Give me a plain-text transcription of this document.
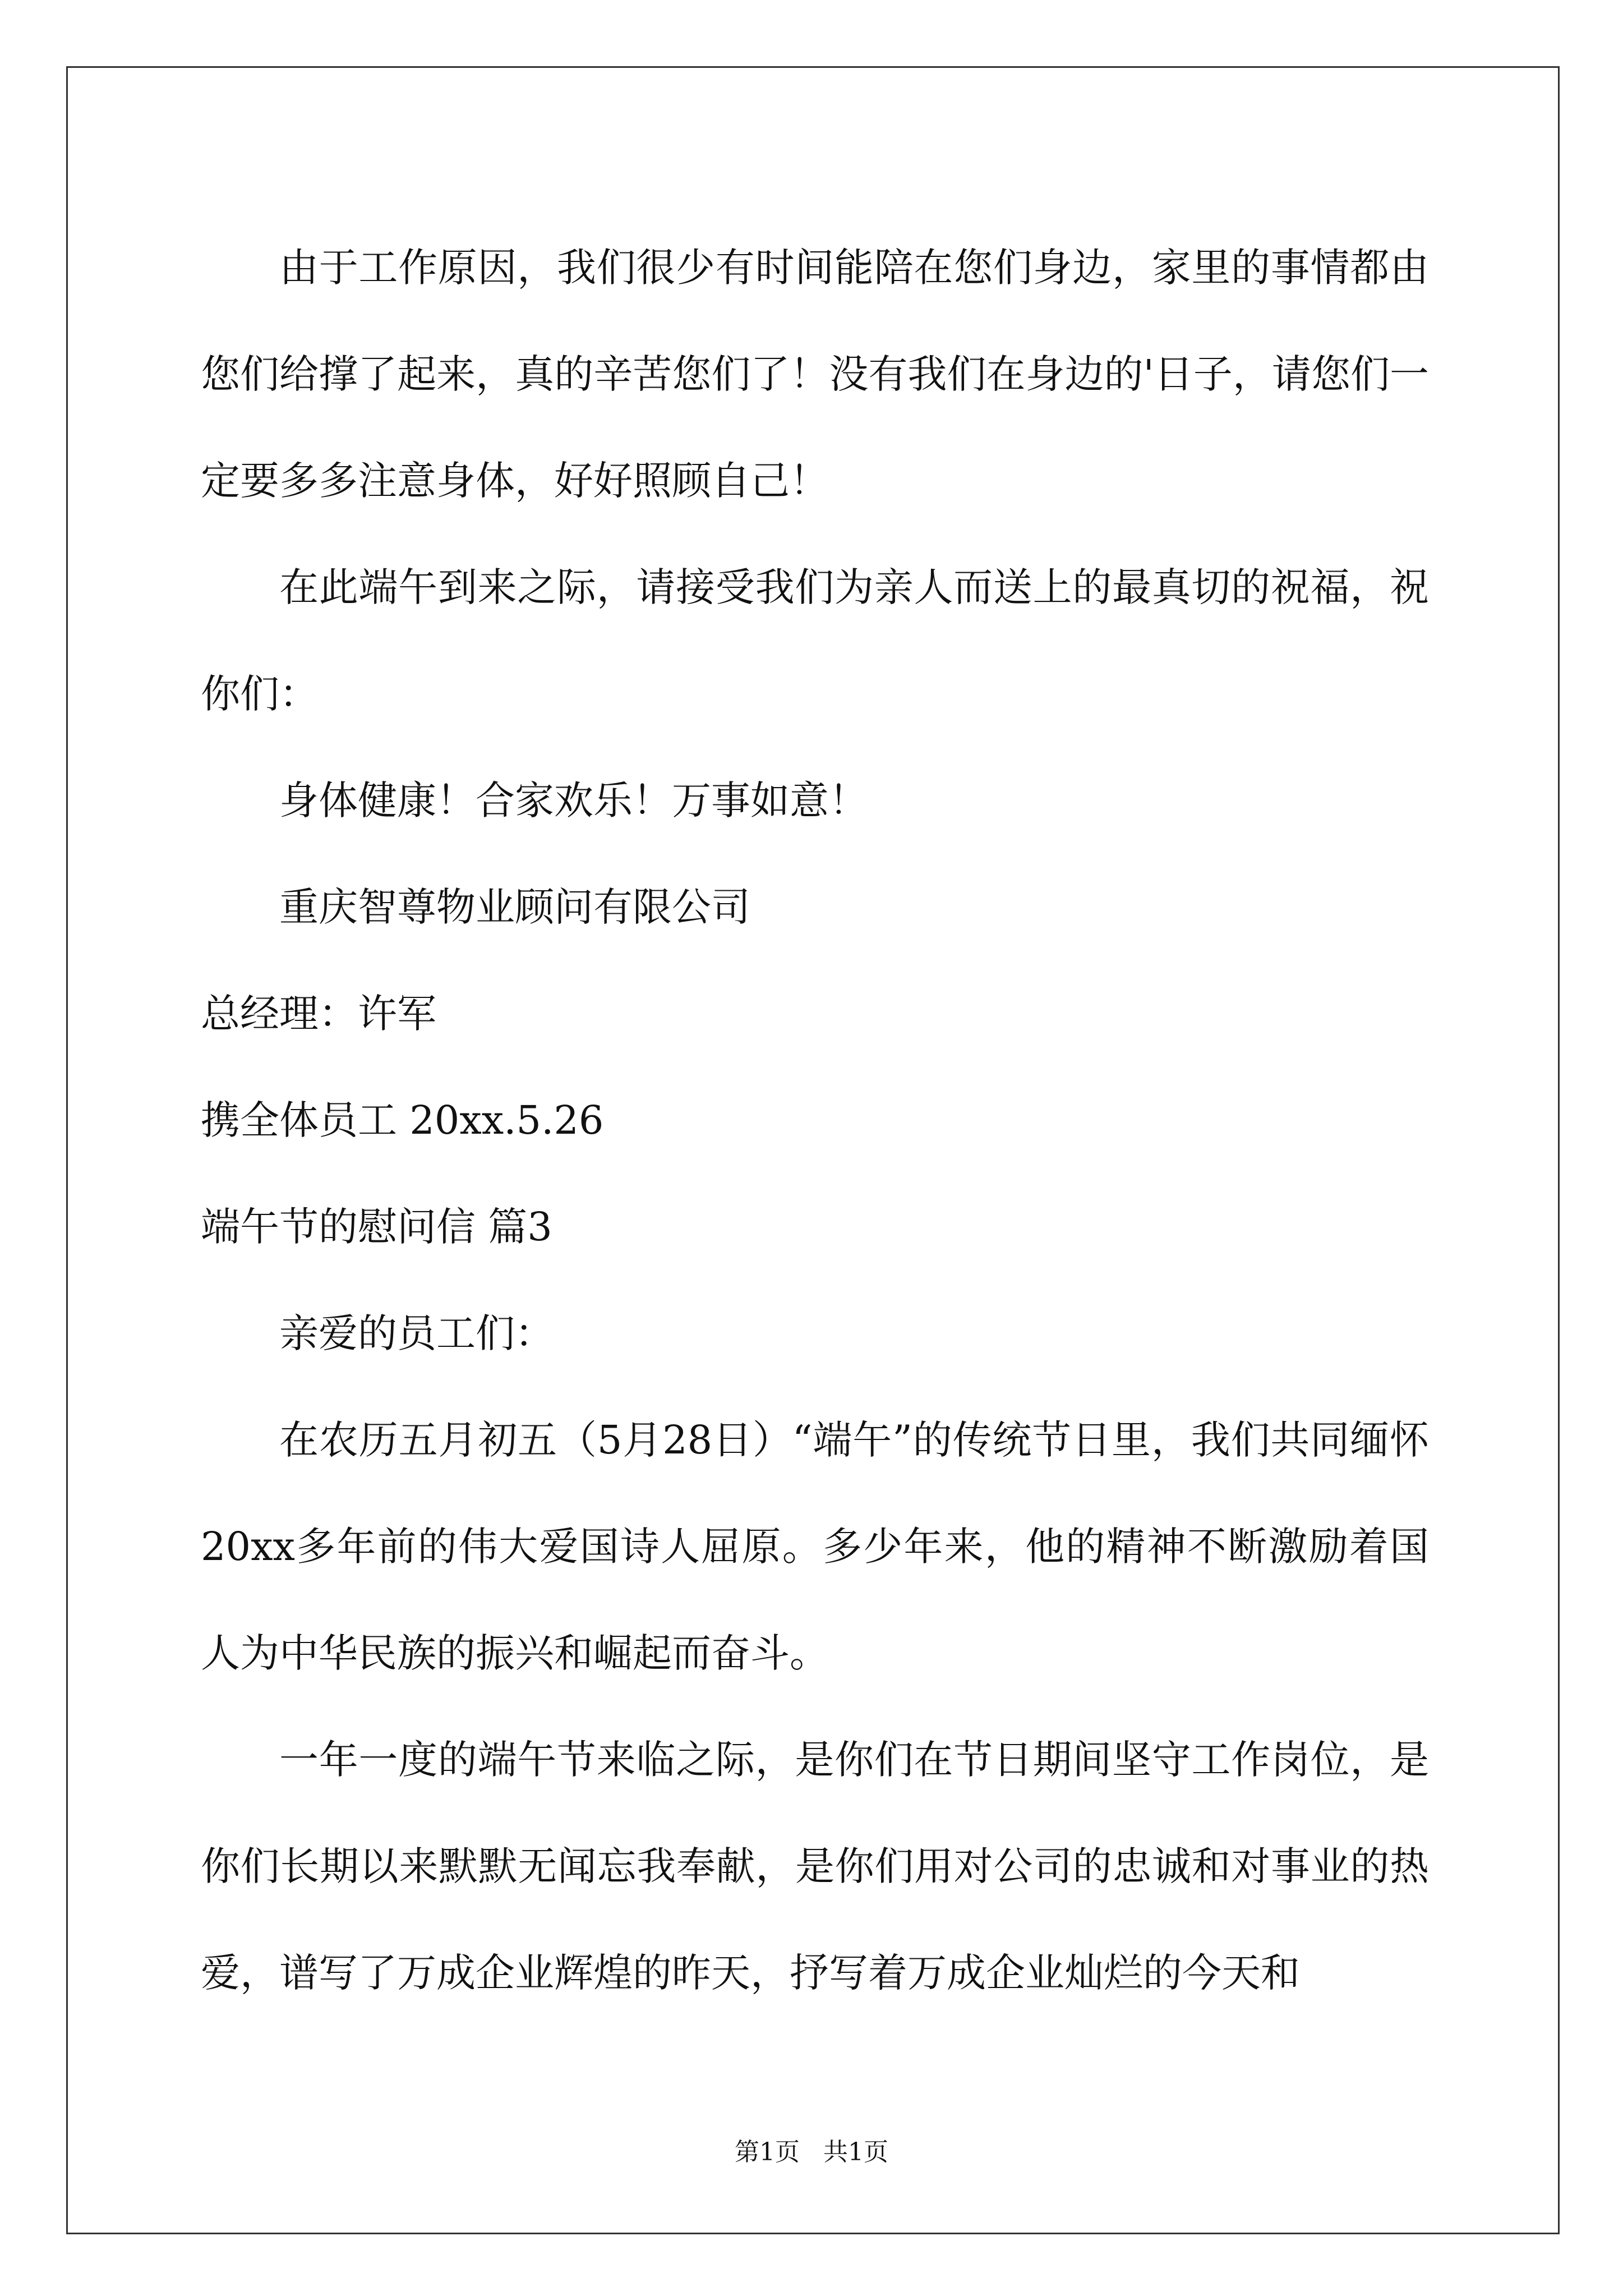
由于工作原因，我们很少有时间能陪在您们身边，家里的事情都由您们给撑了起来，真的辛苦您们了！没有我们在身边的'日子，请您们一定要多多注意身体，好好照顾自己！

在此端午到来之际，请接受我们为亲人而送上的最真切的祝福，祝你们：

身体健康！合家欢乐！万事如意！

重庆智尊物业顾问有限公司

总经理：许军

携全体员工 20xx.5.26

端午节的慰问信 篇3

亲爱的员工们：

在农历五月初五（5月28日）“端午”的传统节日里，我们共同缅怀20xx多年前的伟大爱国诗人屈原。多少年来，他的精神不断激励着国人为中华民族的振兴和崛起而奋斗。

一年一度的端午节来临之际，是你们在节日期间坚守工作岗位，是你们长期以来默默无闻忘我奉献，是你们用对公司的忠诚和对事业的热爱，谱写了万成企业辉煌的昨天，抒写着万成企业灿烂的今天和

第1页   共1页
